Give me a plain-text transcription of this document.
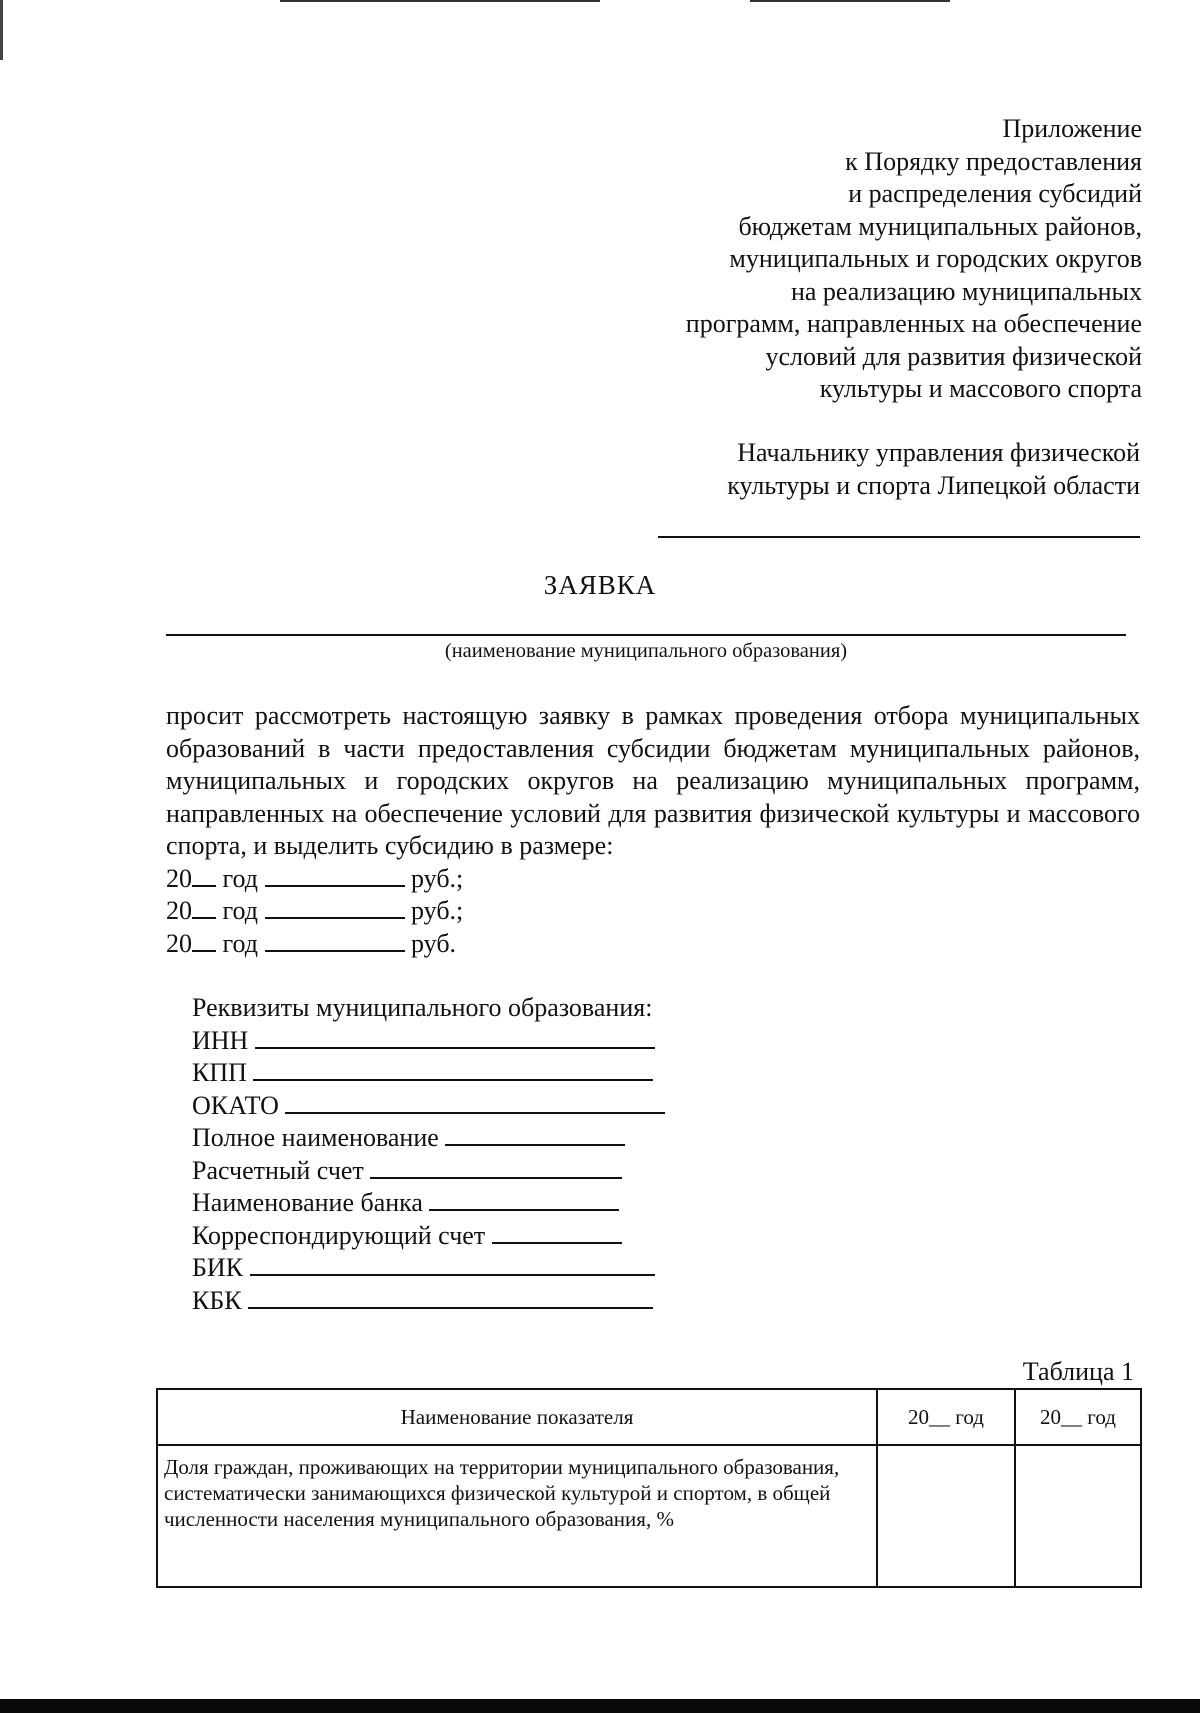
Приложение
к Порядку предоставления
и распределения субсидий
бюджетам муниципальных районов,
муниципальных и городских округов
на реализацию муниципальных
программ, направленных на обеспечение
условий для развития физической
культуры и массового спорта
Начальнику управления физической
культуры и спорта Липецкой области
ЗАЯВКА
(наименование муниципального образования)

просит рассмотреть настоящую заявку в рамках проведения отбора муниципальных образований в части предоставления субсидии бюджетам муниципальных районов, муниципальных и городских округов на реализацию муниципальных программ, направленных на обеспечение условий для развития физической культуры и массового спорта, и выделить субсидию в размере:

20 год	руб.;
20 год	руб.;
20 год	руб.
Реквизиты муниципального образования:
ИНН
КПП
ОКАТО
Полное наименование
Расчетный счет
Наименование банка
Корреспондирующий счет
БИК
КБК
Таблица 1
Наименование показателя	20__ год	20__ год
Доля граждан, проживающих на территории муниципального образования, систематически занимающихся физической культурой и спортом, в общей численности населения муниципального образования, %		
